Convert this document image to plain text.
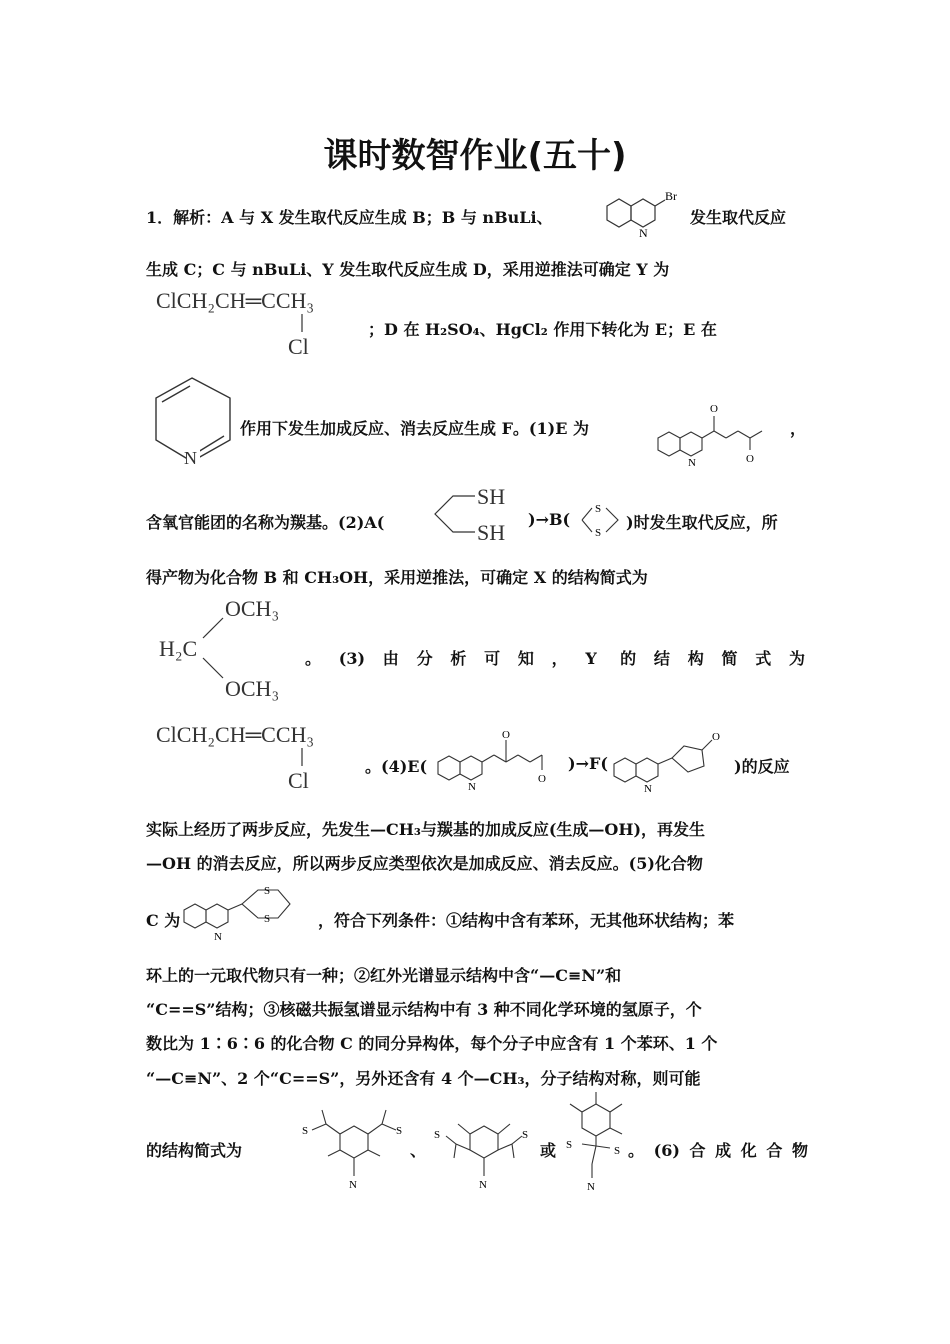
课时数智作业(五十)
1．解析：A 与 X 发生取代反应生成 B；B 与 nBuLi、
Br
N
发生取代反应
生成 C；C 与 nBuLi、Y 发生取代反应生成 D，采用逆推法可确定 Y 为
ClCH₂CH═CCH₃
Cl
；D 在 H₂SO₄、HgCl₂ 作用下转化为 E；E 在
N
作用下发生加成反应、消去反应生成 F。(1)E 为
O
O
N
，
含氧官能团的名称为羰基。(2)A(
SH
SH
)→B(
S
S
)时发生取代反应，所
得产物为化合物 B 和 CH₃OH，采用逆推法，可确定 X 的结构简式为
OCH₃
H₂C
OCH₃
。(3)由分析可知，Y 的结构简式为
ClCH₂CH═CCH₃
Cl
。(4)E(
O
O
N
)→F(
O
N
)的反应
实际上经历了两步反应，先发生—CH₃与羰基的加成反应(生成—OH)，再发生
—OH 的消去反应，所以两步反应类型依次是加成反应、消去反应。(5)化合物
C 为
S
S
N
，符合下列条件：①结构中含有苯环，无其他环状结构；苯
环上的一元取代物只有一种；②红外光谱显示结构中含“—C≡N”和
“C==S”结构；③核磁共振氢谱显示结构中有 3 种不同化学环境的氢原子，个
数比为 1∶6∶6 的化合物 C 的同分异构体，每个分子中应含有 1 个苯环、1 个
“—C≡N”、2 个“C==S”，另外还含有 4 个—CH₃，分子结构对称，则可能
的结构简式为
S	S
N
、
S	S
N
或 S	S
N
。(6)合成化合物
